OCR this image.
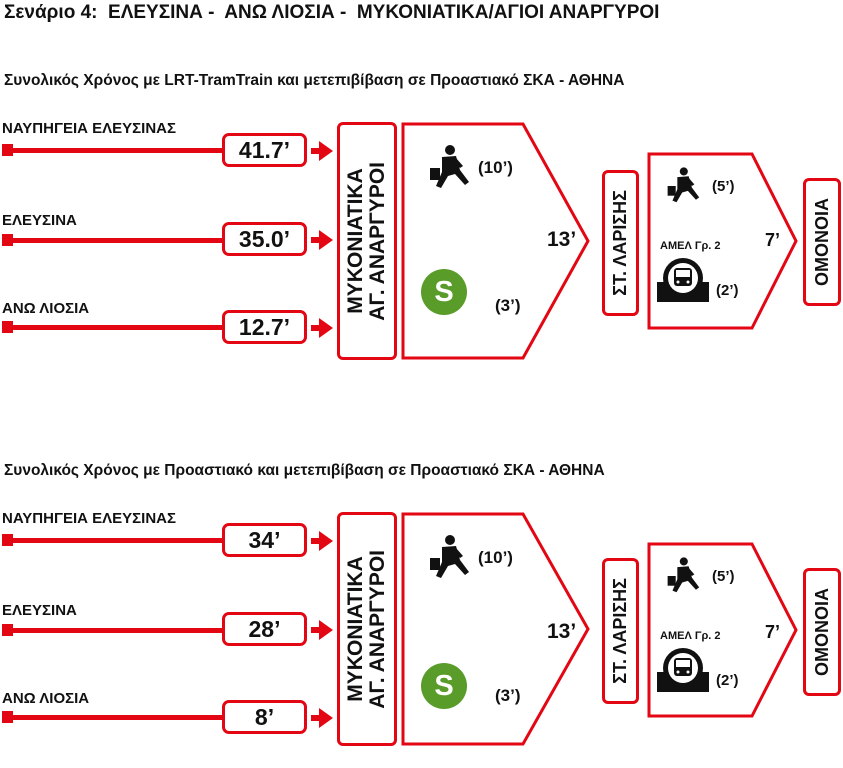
Σενάριο 4:  ΕΛΕΥΣΙΝΑ -  ΑΝΩ ΛΙΟΣΙΑ -  ΜΥΚΟΝΙΑΤΙΚΑ/ΑΓΙΟΙ ΑΝΑΡΓΥΡΟΙ
Συνολικός Χρόνος με LRT-TramTrain και μετεπιβίβαση σε Προαστιακό ΣΚΑ - ΑΘΗΝΑ
ΝΑΥΠΗΓΕΙΑ ΕΛΕΥΣΙΝΑΣ
41.7’
ΕΛΕΥΣΙΝΑ
35.0’
ΑΝΩ ΛΙΟΣΙΑ
12.7’
ΜΥΚΟΝΙΑΤΙΚΑ
ΑΓ. ΑΝΑΡΓΥΡΟΙ	(10’)
S	(3’)
13’ ΣΤ. ΛΑΡΙΣΗΣ
(5’)
ΑΜΕΛ Γρ. 2
(2’)
7’ ΟΜΟΝΟΙΑ
Συνολικός Χρόνος με Προαστιακό και μετεπιβίβαση σε Προαστιακό ΣΚΑ - ΑΘΗΝΑ
ΝΑΥΠΗΓΕΙΑ ΕΛΕΥΣΙΝΑΣ
34’
ΕΛΕΥΣΙΝΑ
28’
ΑΝΩ ΛΙΟΣΙΑ
8’
ΜΥΚΟΝΙΑΤΙΚΑ
ΑΓ. ΑΝΑΡΓΥΡΟΙ	(10’)
S	(3’)
13’ ΣΤ. ΛΑΡΙΣΗΣ
(5’)
ΑΜΕΛ Γρ. 2
(2’)
7’ ΟΜΟΝΟΙΑ
